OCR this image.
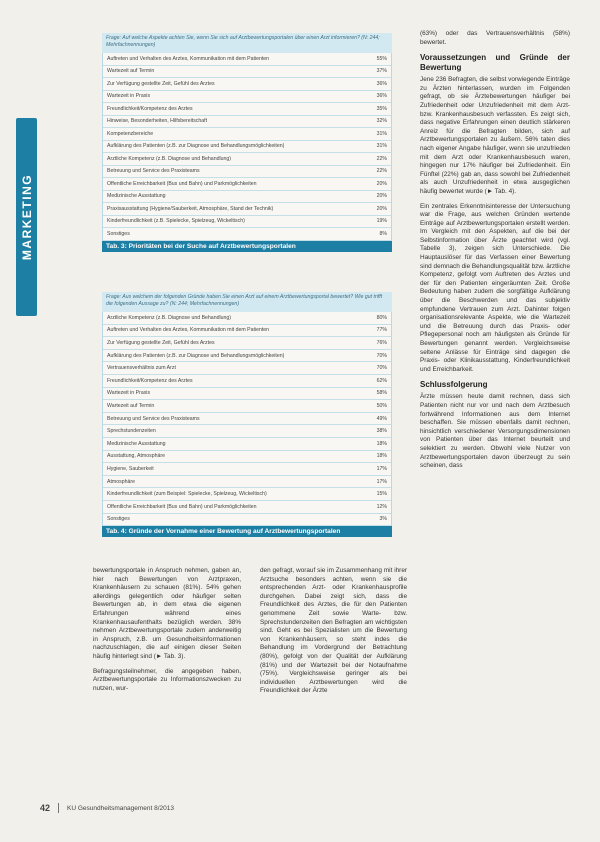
MARKETING
Frage: Auf welche Aspekte achten Sie, wenn Sie sich auf Arztbewertungsportalen über einen Arzt informieren? (N: 244; Mehrfachnennungen)
Auftreten und Verhalten des Arztes, Kommunikation mit dem Patienten	55%
Wartezeit auf Termin	37%
Zur Verfügung gestellte Zeit, Gefühl des Arztes	36%
Wartezeit in Praxis	36%
Freundlichkeit/Kompetenz des Arztes	35%
Hinweise, Besonderheiten, Hilfsbereitschaft	32%
Kompetenzbereiche	31%
Aufklärung des Patienten (z.B. zur Diagnose und Behandlungsmöglichkeiten)	31%
Ärztliche Kompetenz (z.B. Diagnose und Behandlung)	22%
Betreuung und Service des Praxisteams	22%
Öffentliche Erreichbarkeit (Bus und Bahn) und Parkmöglichkeiten	20%
Medizinische Ausstattung	20%
Praxisausstattung (Hygiene/Sauberkeit, Atmosphäre, Stand der Technik)	20%
Kinderfreundlichkeit (z.B. Spielecke, Spielzeug, Wickeltisch)	19%
Sonstiges	8%
Tab. 3: Prioritäten bei der Suche auf Arztbewertungsportalen
Frage: Aus welchem der folgenden Gründe haben Sie einen Arzt auf einem Arztbewertungsportal bewertet? Wie gut trifft die folgenden Aussage zu? (N: 244; Mehrfachnennungen)
Ärztliche Kompetenz (z.B. Diagnose und Behandlung)	80%
Auftreten und Verhalten des Arztes, Kommunikation mit dem Patienten	77%
Zur Verfügung gestellte Zeit, Gefühl des Arztes	76%
Aufklärung des Patienten (z.B. zur Diagnose und Behandlungsmöglichkeiten)	70%
Vertrauensverhältnis zum Arzt	70%
Freundlichkeit/Kompetenz des Arztes	62%
Wartezeit in Praxis	58%
Wartezeit auf Termin	50%
Betreuung und Service des Praxisteams	49%
Sprechstundenzeiten	38%
Medizinische Ausstattung	18%
Ausstattung, Atmosphäre	18%
Hygiene, Sauberkeit	17%
Atmosphäre	17%
Kinderfreundlichkeit (zum Beispiel: Spielecke, Spielzeug, Wickeltisch)	15%
Öffentliche Erreichbarkeit (Bus und Bahn) und Parkmöglichkeiten	12%
Sonstiges	3%
Tab. 4: Gründe der Vornahme einer Bewertung auf Arztbewertungsportalen

bewertungsportale in Anspruch nehmen, gaben an, hier nach Bewertungen von Arztpraxen, Krankenhäusern zu schauen (81%). 54% gehen allerdings gelegentlich oder häufiger selten Bewertungen ab, in dem etwa die eigenen Erfahrungen während eines Krankenhausaufenthalts bezüglich werden. 38% nehmen Arztbewertungsportale zudem anderweitig in Anspruch, z.B. um Gesundheitsinformationen nachzuschlagen, die auf einigen dieser Seiten häufig hinterlegt sind (► Tab. 3).

Befragungsteilnehmer, die angegeben haben, Arztbewertungsportale zu Informationszwecken zu nutzen, wur-

den gefragt, worauf sie im Zusammenhang mit ihrer Arztsuche besonders achten, wenn sie die entsprechenden Arzt- oder Krankenhausprofile durchgehen. Dabei zeigt sich, dass die Freundlichkeit des Arztes, die für den Patienten genommene Zeit sowie Warte- bzw. Sprechstundenzeiten den Befragten am wichtigsten sind. Geht es bei Spezialisten um die Bewertung von Krankenhäusern, so steht indes die Behandlung im Vordergrund der Betrachtung (80%), gefolgt von der Qualität der Aufklärung (81%) und der Wartezeit bei der Notaufnahme (75%). Vergleichsweise geringer als bei individuellen Arztbewertungen wird die Freundlichkeit der Ärzte

(63%) oder das Vertrauensverhältnis (58%) bewertet.

Voraussetzungen und Gründe der Bewertung

Jene 236 Befragten, die selbst vorwiegende Einträge zu Ärzten hinterlassen, wurden im Folgenden gefragt, ob sie Ärztebewertungen häufiger bei Zufriedenheit oder Unzufriedenheit mit dem Arzt- bzw. Krankenhausbesuch verfassten. Es zeigt sich, dass negative Erfahrungen einen deutlich stärkeren Anreiz für die Befragten bilden, sich auf Arztbewertungsportalen zu äußern. 56% taten dies nach eigener Angabe häufiger, wenn sie unzufrieden mit dem Arzt oder Krankenhausbesuch waren, hingegen nur 17% häufiger bei Zufriedenheit. Ein Fünftel (22%) gab an, dass sowohl bei Zufriedenheit als auch Unzufriedenheit in etwa ausgeglichen häufig bewertet wurde (► Tab. 4).

Ein zentrales Erkenntnisinteresse der Untersuchung war die Frage, aus welchen Gründen wertende Einträge auf Arztbewertungsportalen erstellt werden. Im Vergleich mit den Aspekten, auf die bei der Selbstinformation über Ärzte geachtet wird (vgl. Tabelle 3), zeigen sich Unterschiede. Die Hauptauslöser für das Verfassen einer Bewertung sind demnach die Behandlungsqualität bzw. ärztliche Kompetenz, gefolgt vom Auftreten des Arztes und der für den Patienten eingeräumten Zeit. Große Bedeutung haben zudem die sorgfältige Aufklärung über die Beschwerden und das subjektiv empfundene Vertrauen zum Arzt. Dahinter folgen organisationsrelevante Aspekte, wie die Wartezeit und die Betreuung durch das Praxis- oder Pflegepersonal noch am häufigsten als Gründe für Bewertungen genannt werden. Vergleichsweise seltene Anlässe für Einträge sind dagegen die Praxis- oder Klinikausstattung, Kinderfreundlichkeit und Erreichbarkeit.

Schlussfolgerung

Ärzte müssen heute damit rechnen, dass sich Patienten nicht nur vor und nach dem Arztbesuch fortwährend Informationen aus dem Internet beschaffen. Sie müssen ebenfalls damit rechnen, hinsichtlich verschiedener Versorgungsdimensionen von Patienten über das Internet beurteilt und selektiert zu werden. Obwohl viele Nutzer von Arztbewertungsportalen davon überzeugt zu sein scheinen, dass

42	KU Gesundheitsmanagement 8/2013
